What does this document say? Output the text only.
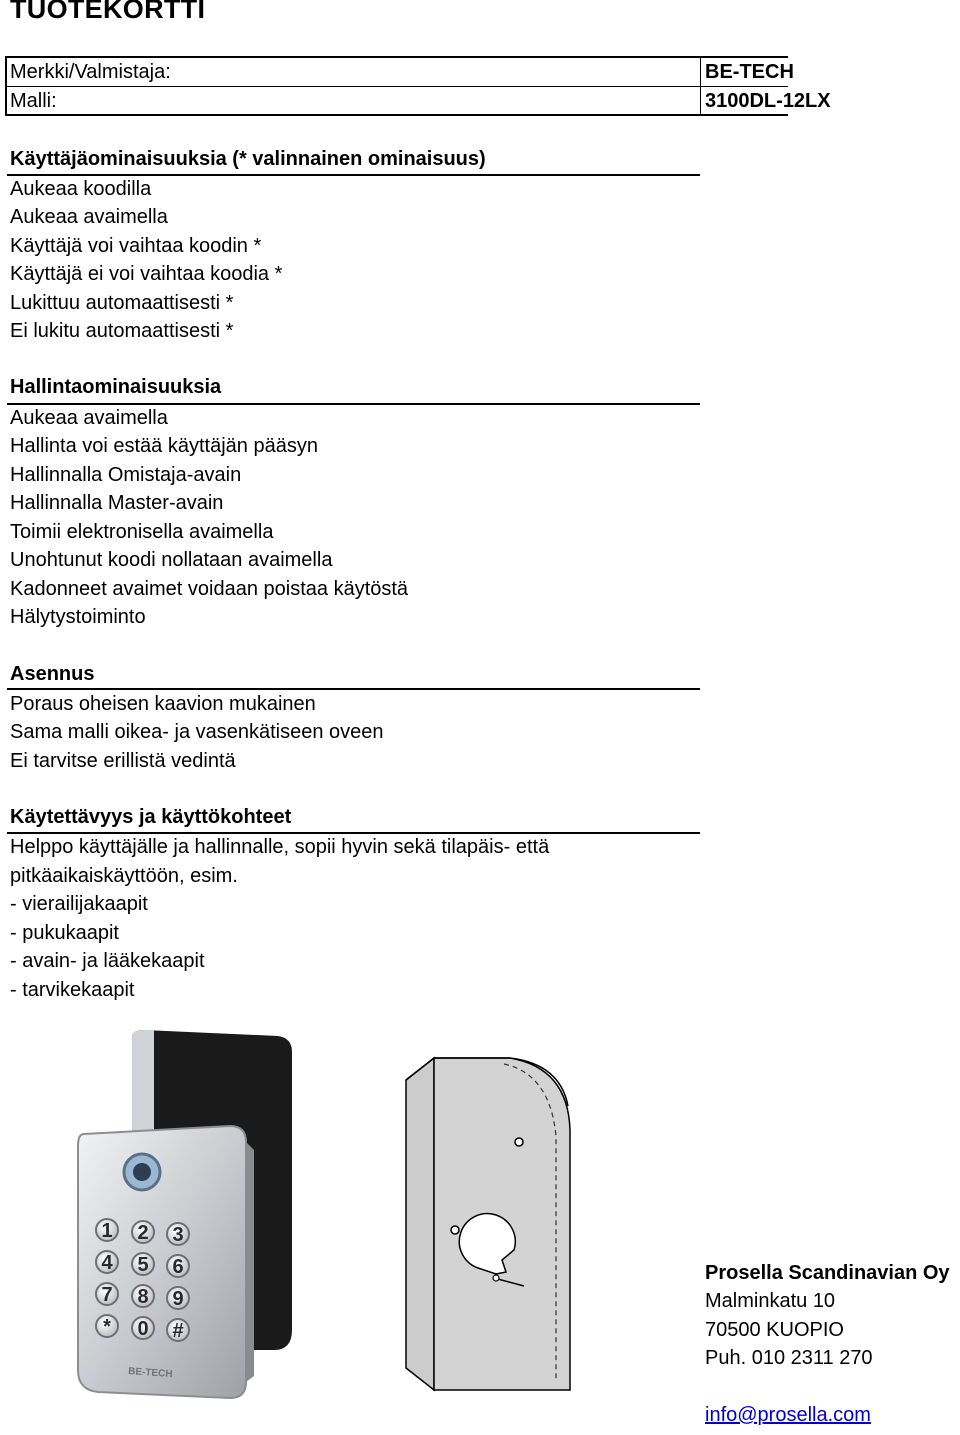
TUOTEKORTTI
Merkki/Valmistaja:	BE-TECH
Malli:	3100DL-12LX
Käyttäjäominaisuuksia (* valinnainen ominaisuus)
Aukeaa koodilla
Aukeaa avaimella
Käyttäjä voi vaihtaa koodin *
Käyttäjä ei voi vaihtaa koodia *
Lukittuu automaattisesti *
Ei lukitu automaattisesti *
Hallintaominaisuuksia
Aukeaa avaimella
Hallinta voi estää käyttäjän pääsyn
Hallinnalla Omistaja-avain
Hallinnalla Master-avain
Toimii elektronisella avaimella
Unohtunut koodi nollataan avaimella
Kadonneet avaimet voidaan poistaa käytöstä
Hälytystoiminto
Asennus
Poraus oheisen kaavion mukainen
Sama malli oikea- ja vasenkätiseen oveen
Ei tarvitse erillistä vedintä
Käytettävyys ja käyttökohteet
Helppo käyttäjälle ja hallinnalle, sopii hyvin sekä tilapäis- että
pitkäaikaiskäyttöön, esim.
- vierailijakaapit
- pukukaapit
- avain- ja lääkekaapit
- tarvikekaapit
1 2 3
4 5 6
7 8 9
* 0 #
BE-TECH
Prosella Scandinavian Oy
Malminkatu 10
70500 KUOPIO
Puh. 010 2311 270
info@prosella.com
